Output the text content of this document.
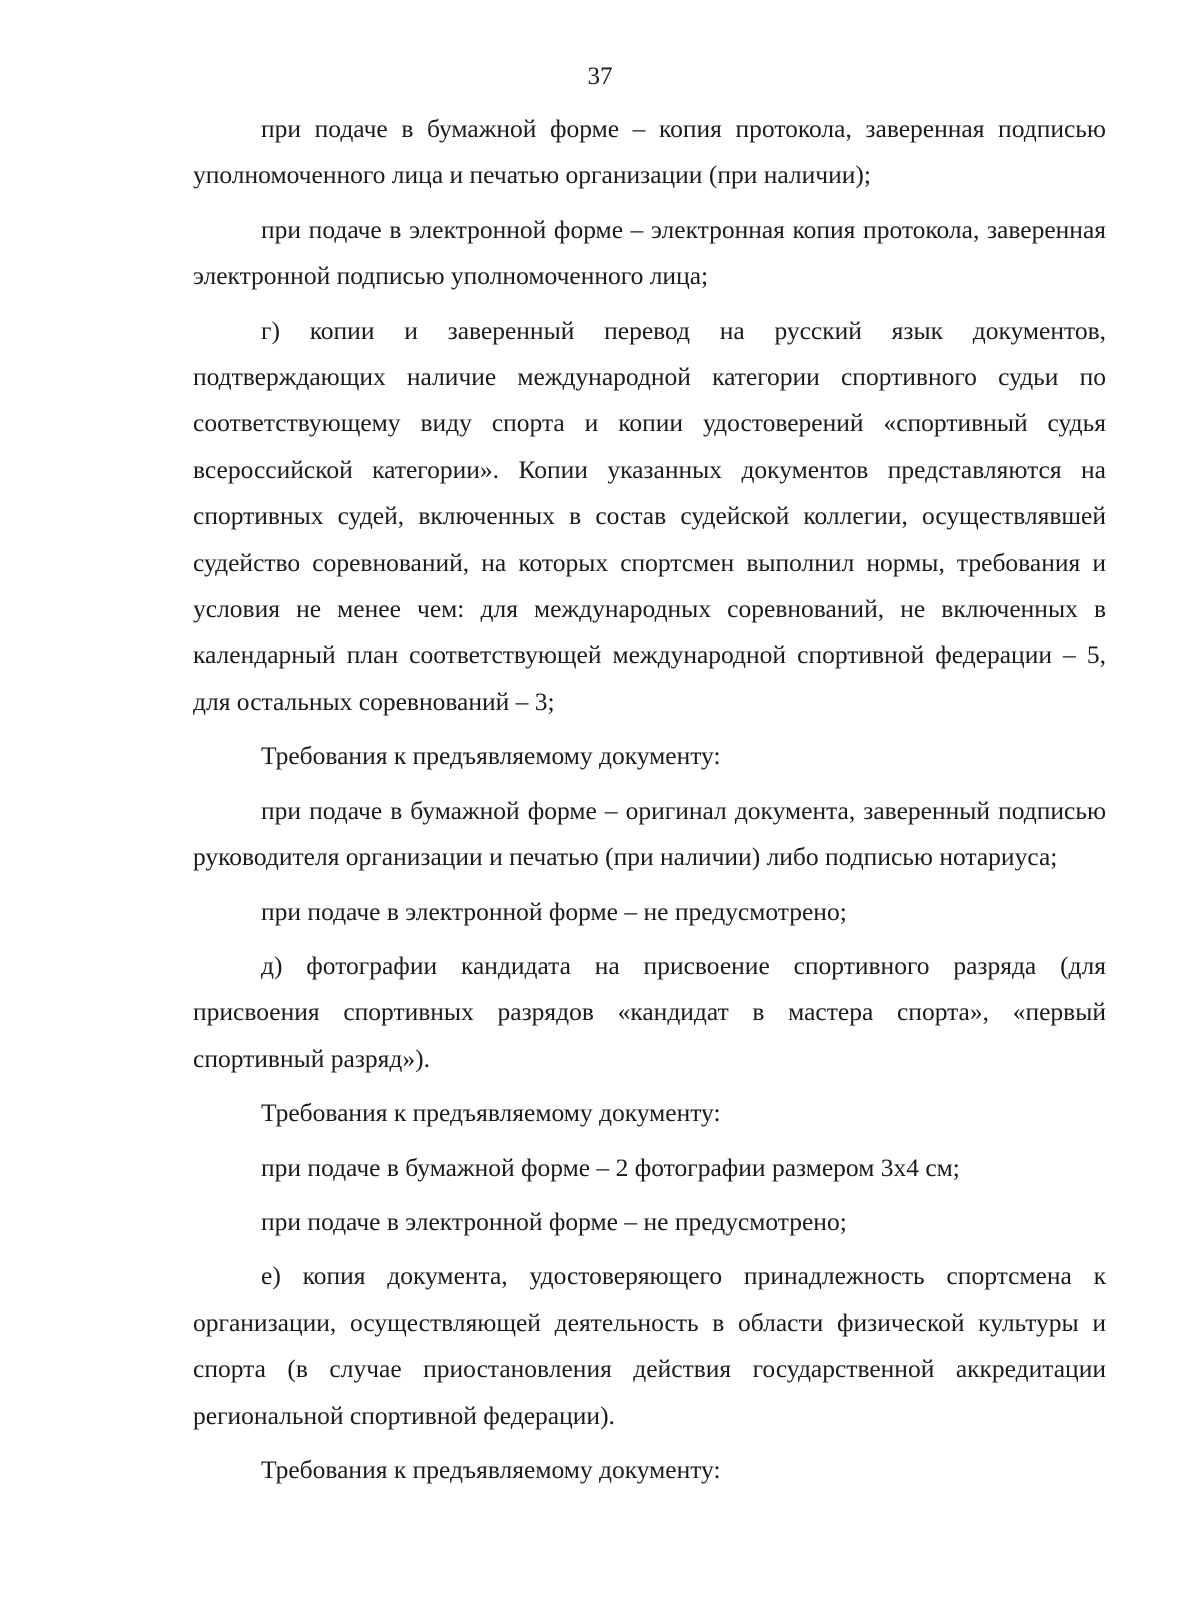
37

при подаче в бумажной форме – копия протокола, заверенная подписью уполномоченного лица и печатью организации (при наличии);

при подаче в электронной форме – электронная копия протокола, заверенная электронной подписью уполномоченного лица;

г) копии и заверенный перевод на русский язык документов, подтверждающих наличие международной категории спортивного судьи по соответствующему виду спорта и копии удостоверений «спортивный судья всероссийской категории». Копии указанных документов представляются на спортивных судей, включенных в состав судейской коллегии, осуществлявшей судейство соревнований, на которых спортсмен выполнил нормы, требования и условия не менее чем: для международных соревнований, не включенных в календарный план соответствующей международной спортивной федерации – 5, для остальных соревнований – 3;

Требования к предъявляемому документу:

при подаче в бумажной форме – оригинал документа, заверенный подписью руководителя организации и печатью (при наличии) либо подписью нотариуса;

при подаче в электронной форме – не предусмотрено;

д) фотографии кандидата на присвоение спортивного разряда (для присвоения спортивных разрядов «кандидат в мастера спорта», «первый спортивный разряд»).

Требования к предъявляемому документу:

при подаче в бумажной форме – 2 фотографии размером 3х4 см;

при подаче в электронной форме – не предусмотрено;

е) копия документа, удостоверяющего принадлежность спортсмена к организации, осуществляющей деятельность в области физической культуры и спорта (в случае приостановления действия государственной аккредитации региональной спортивной федерации).

Требования к предъявляемому документу:
